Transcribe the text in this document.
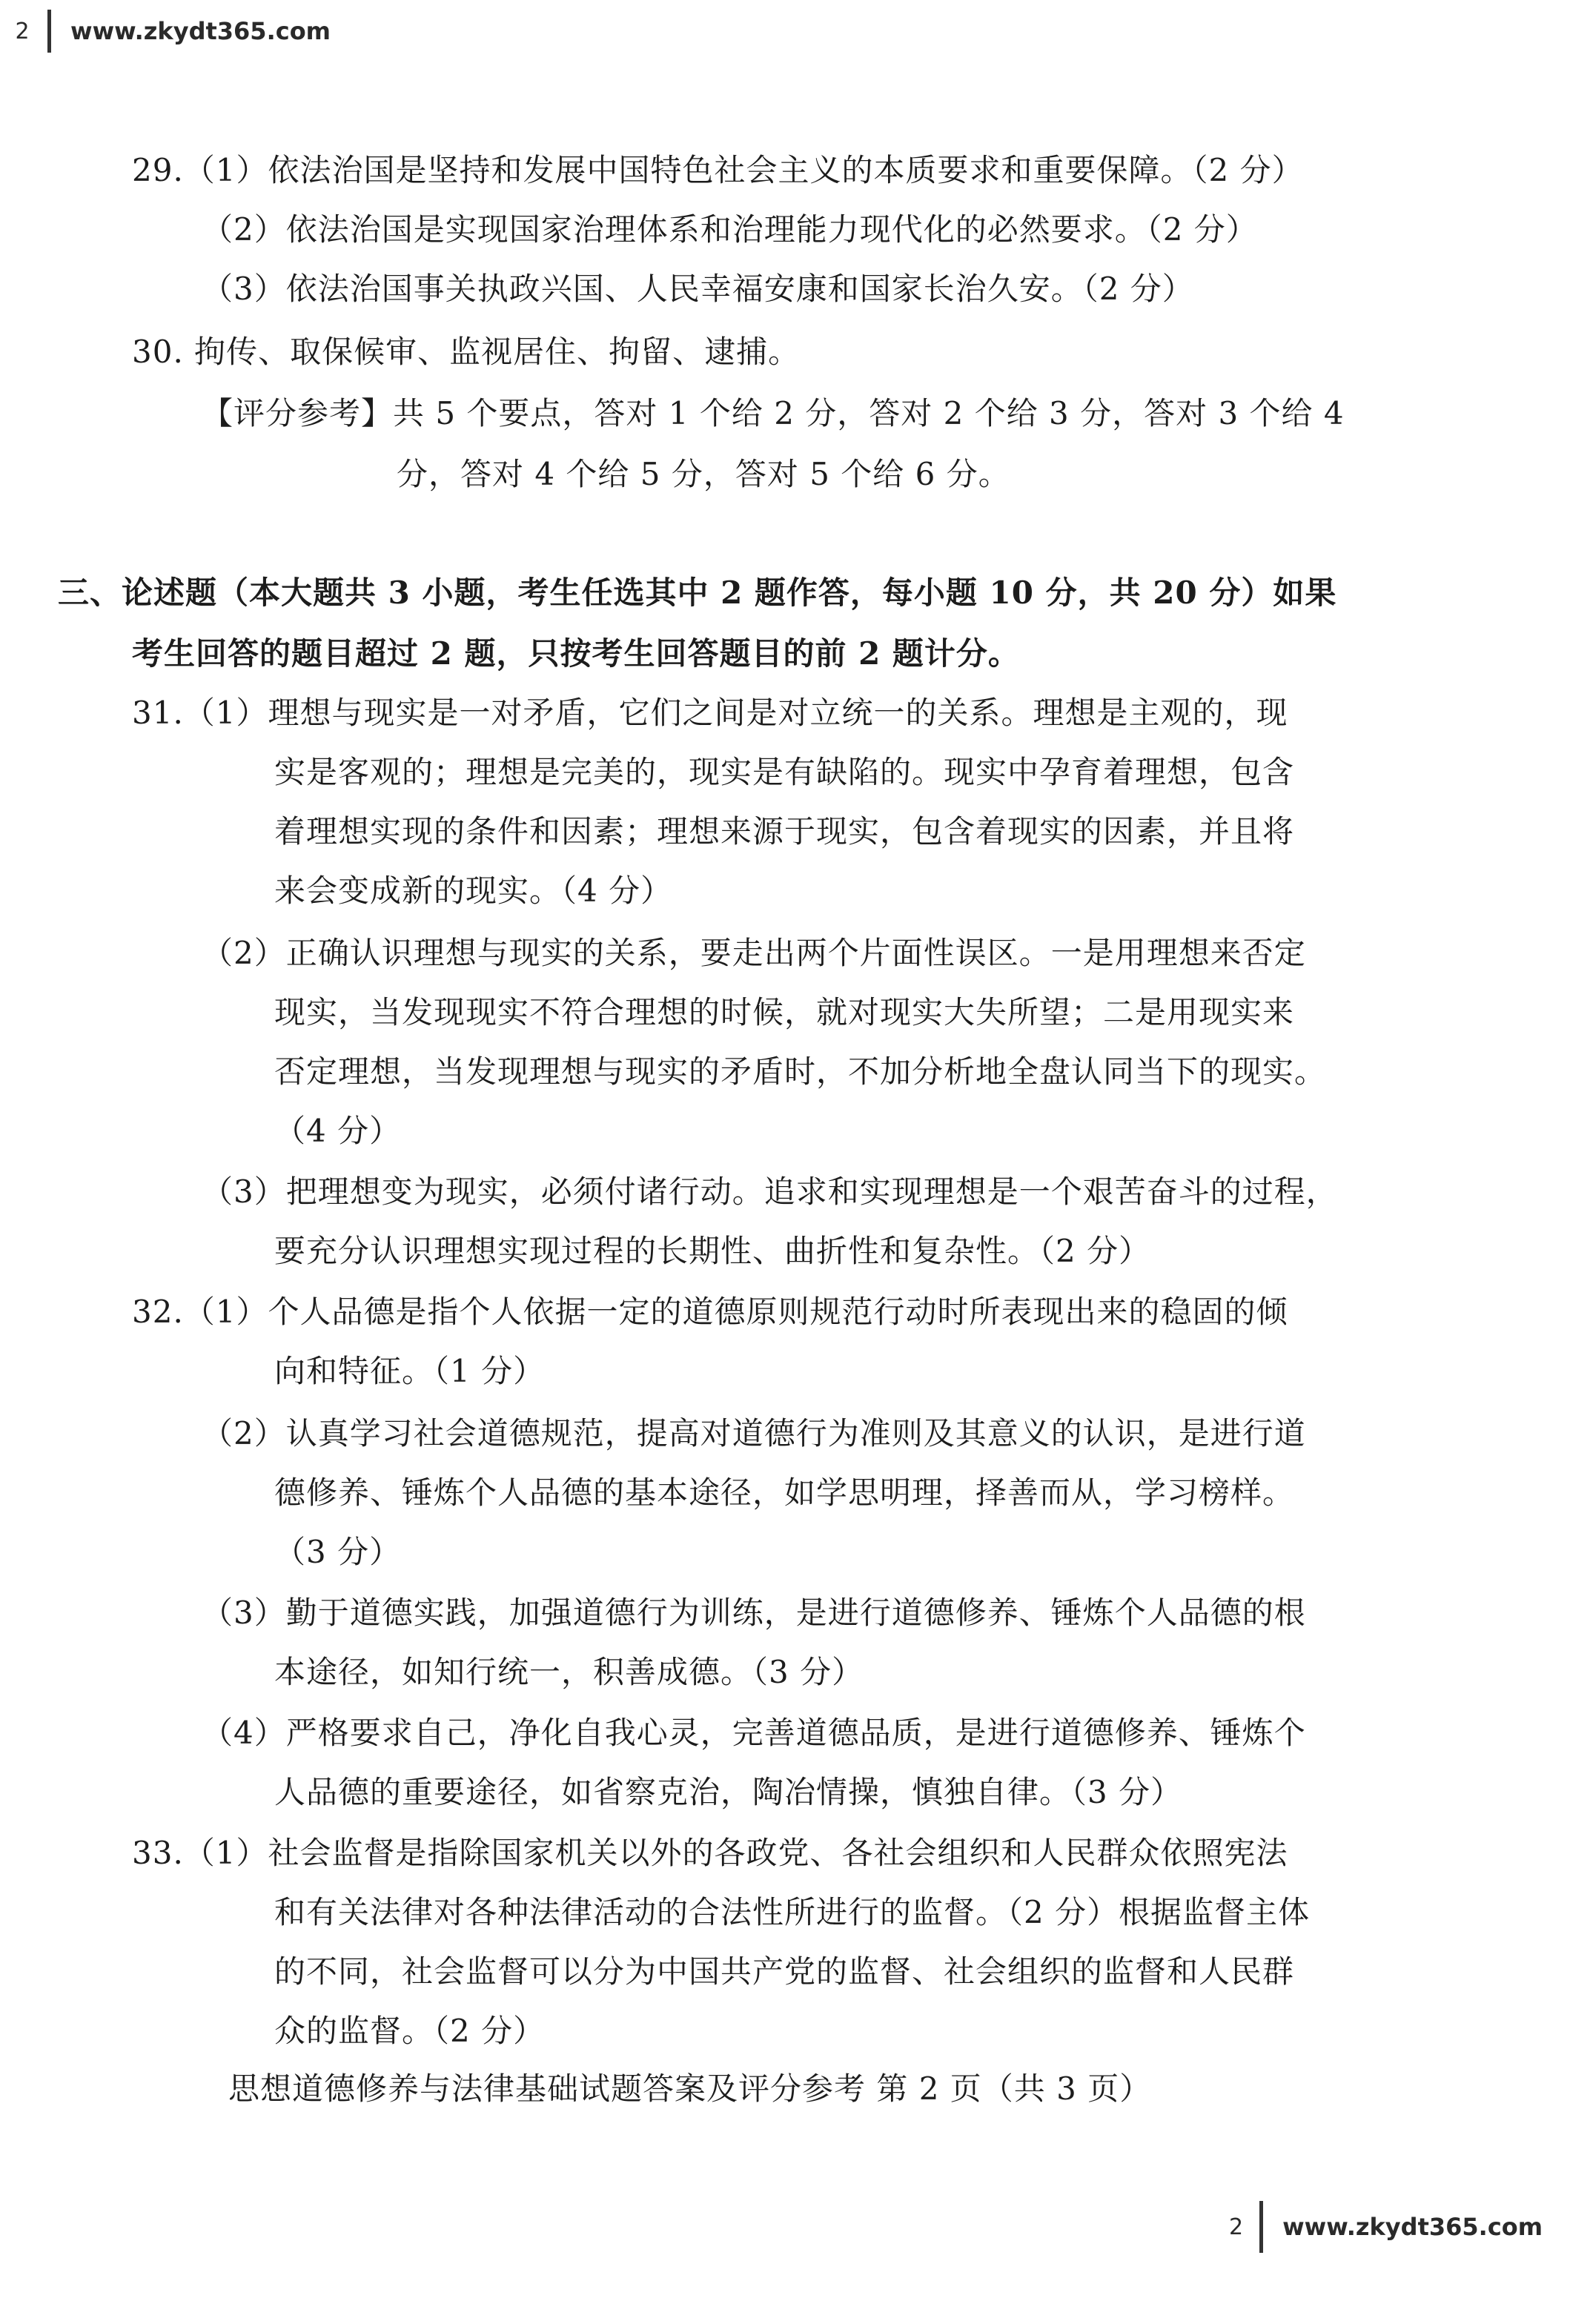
2 www.zkydt365.com
29.（1）依法治国是坚持和发展中国特色社会主义的本质要求和重要保障。（2 分）
（2）依法治国是实现国家治理体系和治理能力现代化的必然要求。（2 分）
（3）依法治国事关执政兴国、人民幸福安康和国家长治久安。（2 分）
30. 拘传、取保候审、监视居住、拘留、逮捕。
【评分参考】共 5 个要点，答对 1 个给 2 分，答对 2 个给 3 分，答对 3 个给 4
分，答对 4 个给 5 分，答对 5 个给 6 分。
三、论述题（本大题共 3 小题，考生任选其中 2 题作答，每小题 10 分，共 20 分）如果
考生回答的题目超过 2 题，只按考生回答题目的前 2 题计分。
31.（1）理想与现实是一对矛盾，它们之间是对立统一的关系。理想是主观的，现
实是客观的；理想是完美的，现实是有缺陷的。现实中孕育着理想，包含
着理想实现的条件和因素；理想来源于现实，包含着现实的因素，并且将
来会变成新的现实。（4 分）
（2）正确认识理想与现实的关系，要走出两个片面性误区。一是用理想来否定
现实，当发现现实不符合理想的时候，就对现实大失所望；二是用现实来
否定理想，当发现理想与现实的矛盾时，不加分析地全盘认同当下的现实。
（4 分）
（3）把理想变为现实，必须付诸行动。追求和实现理想是一个艰苦奋斗的过程，
要充分认识理想实现过程的长期性、曲折性和复杂性。（2 分）
32.（1）个人品德是指个人依据一定的道德原则规范行动时所表现出来的稳固的倾
向和特征。（1 分）
（2）认真学习社会道德规范，提高对道德行为准则及其意义的认识，是进行道
德修养、锤炼个人品德的基本途径，如学思明理，择善而从，学习榜样。
（3 分）
（3）勤于道德实践，加强道德行为训练，是进行道德修养、锤炼个人品德的根
本途径，如知行统一，积善成德。（3 分）
（4）严格要求自己，净化自我心灵，完善道德品质，是进行道德修养、锤炼个
人品德的重要途径，如省察克治，陶冶情操，慎独自律。（3 分）
33.（1）社会监督是指除国家机关以外的各政党、各社会组织和人民群众依照宪法
和有关法律对各种法律活动的合法性所进行的监督。（2 分）根据监督主体
的不同，社会监督可以分为中国共产党的监督、社会组织的监督和人民群
众的监督。（2 分）
思想道德修养与法律基础试题答案及评分参考 第 2 页（共 3 页）
2 www.zkydt365.com
